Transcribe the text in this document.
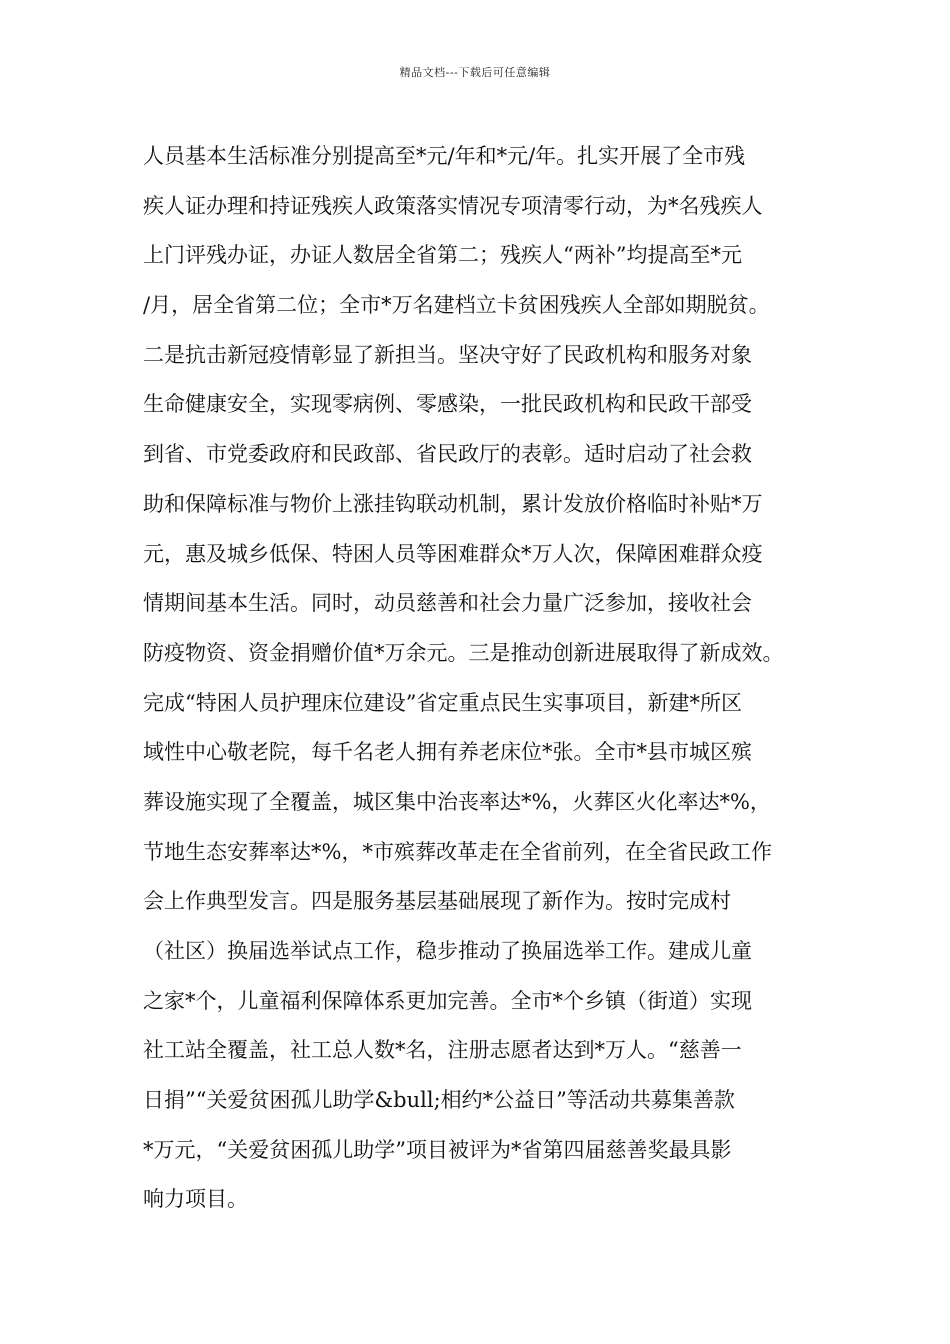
精品文档---下载后可任意编辑
人员基本生活标准分别提高至*元/年和*元/年。扎实开展了全市残
疾人证办理和持证残疾人政策落实情况专项清零行动，为*名残疾人
上门评残办证，办证人数居全省第二；残疾人“两补”均提高至*元
/月，居全省第二位；全市*万名建档立卡贫困残疾人全部如期脱贫。
二是抗击新冠疫情彰显了新担当。坚决守好了民政机构和服务对象
生命健康安全，实现零病例、零感染，一批民政机构和民政干部受
到省、市党委政府和民政部、省民政厅的表彰。适时启动了社会救
助和保障标准与物价上涨挂钩联动机制，累计发放价格临时补贴*万
元，惠及城乡低保、特困人员等困难群众*万人次，保障困难群众疫
情期间基本生活。同时，动员慈善和社会力量广泛参加，接收社会
防疫物资、资金捐赠价值*万余元。三是推动创新进展取得了新成效。
完成“特困人员护理床位建设”省定重点民生实事项目，新建*所区
域性中心敬老院，每千名老人拥有养老床位*张。全市*县市城区殡
葬设施实现了全覆盖，城区集中治丧率达*%，火葬区火化率达*%，
节地生态安葬率达*%，*市殡葬改革走在全省前列，在全省民政工作
会上作典型发言。四是服务基层基础展现了新作为。按时完成村
（社区）换届选举试点工作，稳步推动了换届选举工作。建成儿童
之家*个，儿童福利保障体系更加完善。全市*个乡镇（街道）实现
社工站全覆盖，社工总人数*名，注册志愿者达到*万人。“慈善一
日捐”“关爱贫困孤儿助学&bull;相约*公益日”等活动共募集善款
*万元，“关爱贫困孤儿助学”项目被评为*省第四届慈善奖最具影
响力项目。
